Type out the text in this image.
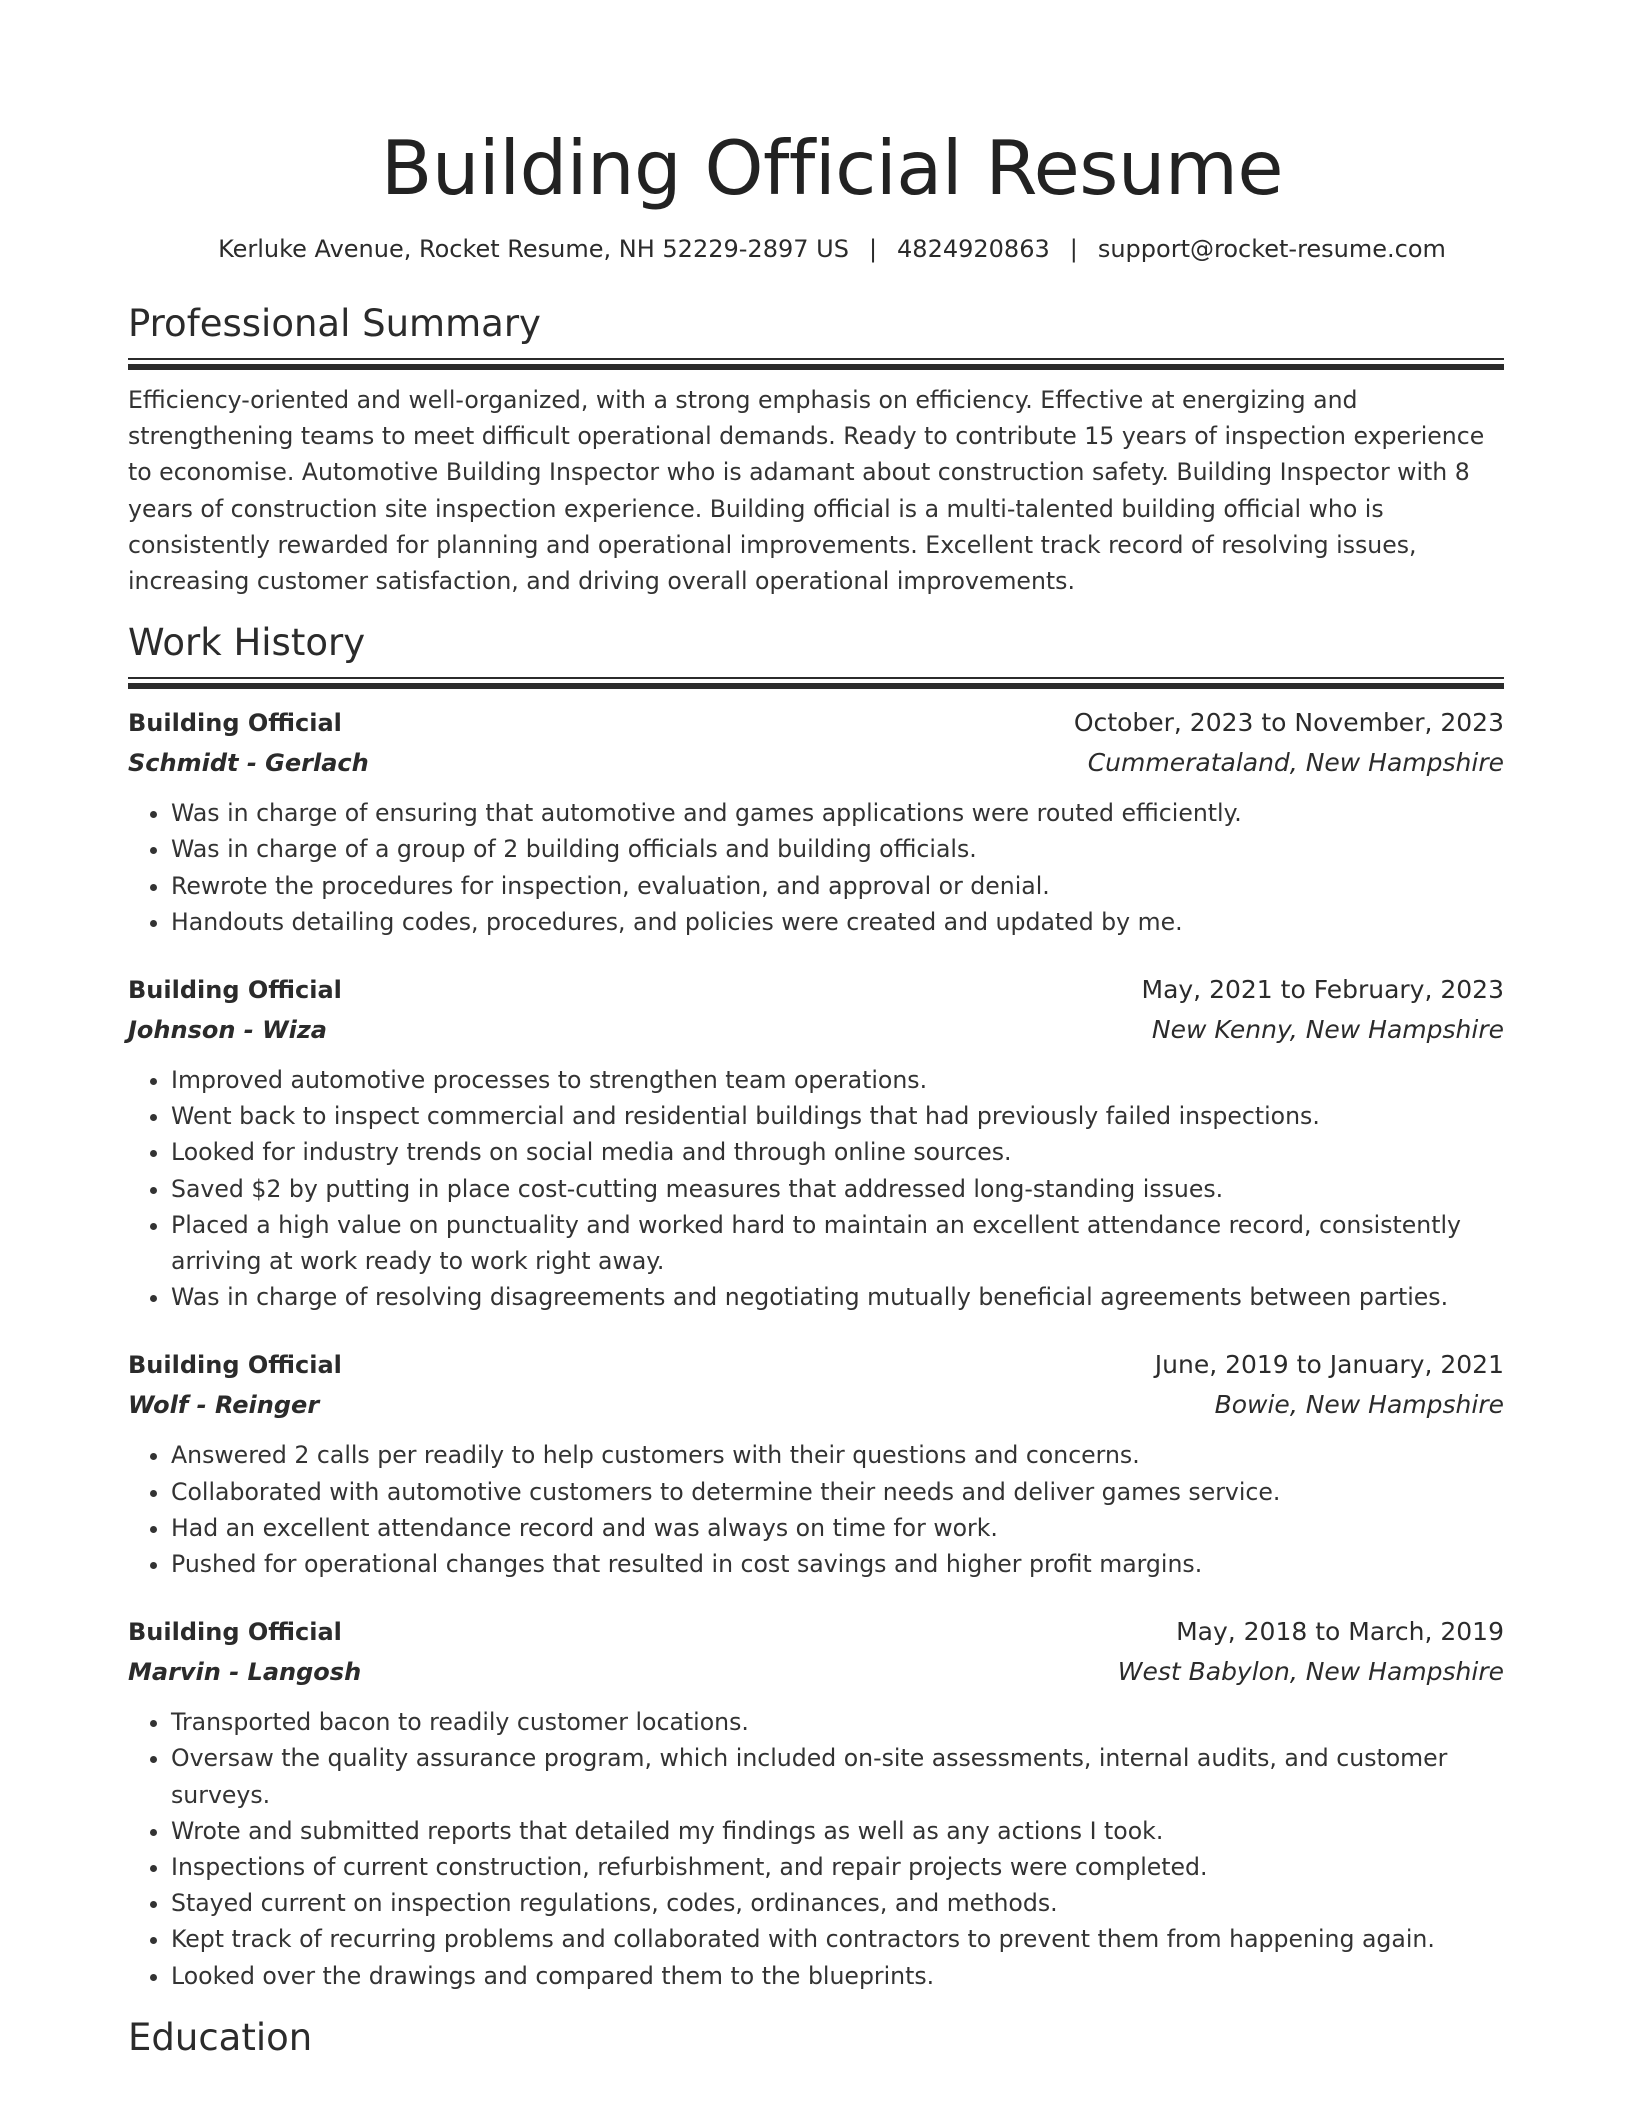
Building Official Resume
Kerluke Avenue, Rocket Resume, NH 52229-2897 US | 4824920863 | support@rocket-resume.com
Professional Summary

Efficiency-oriented and well-organized, with a strong emphasis on efficiency. Effective at energizing and strengthening teams to meet difficult operational demands. Ready to contribute 15 years of inspection experience to economise. Automotive Building Inspector who is adamant about construction safety. Building Inspector with 8 years of construction site inspection experience. Building official is a multi-talented building official who is consistently rewarded for planning and operational improvements. Excellent track record of resolving issues, increasing customer satisfaction, and driving overall operational improvements.

Work History
Building Official	October, 2023 to November, 2023
Schmidt - Gerlach	Cummerataland, New Hampshire
• Was in charge of ensuring that automotive and games applications were routed efficiently.
• Was in charge of a group of 2 building officials and building officials.
• Rewrote the procedures for inspection, evaluation, and approval or denial.
• Handouts detailing codes, procedures, and policies were created and updated by me.
Building Official	May, 2021 to February, 2023
Johnson - Wiza	New Kenny, New Hampshire
• Improved automotive processes to strengthen team operations.
• Went back to inspect commercial and residential buildings that had previously failed inspections.
• Looked for industry trends on social media and through online sources.
• Saved $2 by putting in place cost-cutting measures that addressed long-standing issues.
• Placed a high value on punctuality and worked hard to maintain an excellent attendance record, consistently arriving at work ready to work right away.
• Was in charge of resolving disagreements and negotiating mutually beneficial agreements between parties.
Building Official	June, 2019 to January, 2021
Wolf - Reinger	Bowie, New Hampshire
• Answered 2 calls per readily to help customers with their questions and concerns.
• Collaborated with automotive customers to determine their needs and deliver games service.
• Had an excellent attendance record and was always on time for work.
• Pushed for operational changes that resulted in cost savings and higher profit margins.
Building Official	May, 2018 to March, 2019
Marvin - Langosh	West Babylon, New Hampshire
• Transported bacon to readily customer locations.
• Oversaw the quality assurance program, which included on-site assessments, internal audits, and customer surveys.
• Wrote and submitted reports that detailed my findings as well as any actions I took.
• Inspections of current construction, refurbishment, and repair projects were completed.
• Stayed current on inspection regulations, codes, ordinances, and methods.
• Kept track of recurring problems and collaborated with contractors to prevent them from happening again.
• Looked over the drawings and compared them to the blueprints.
Education
